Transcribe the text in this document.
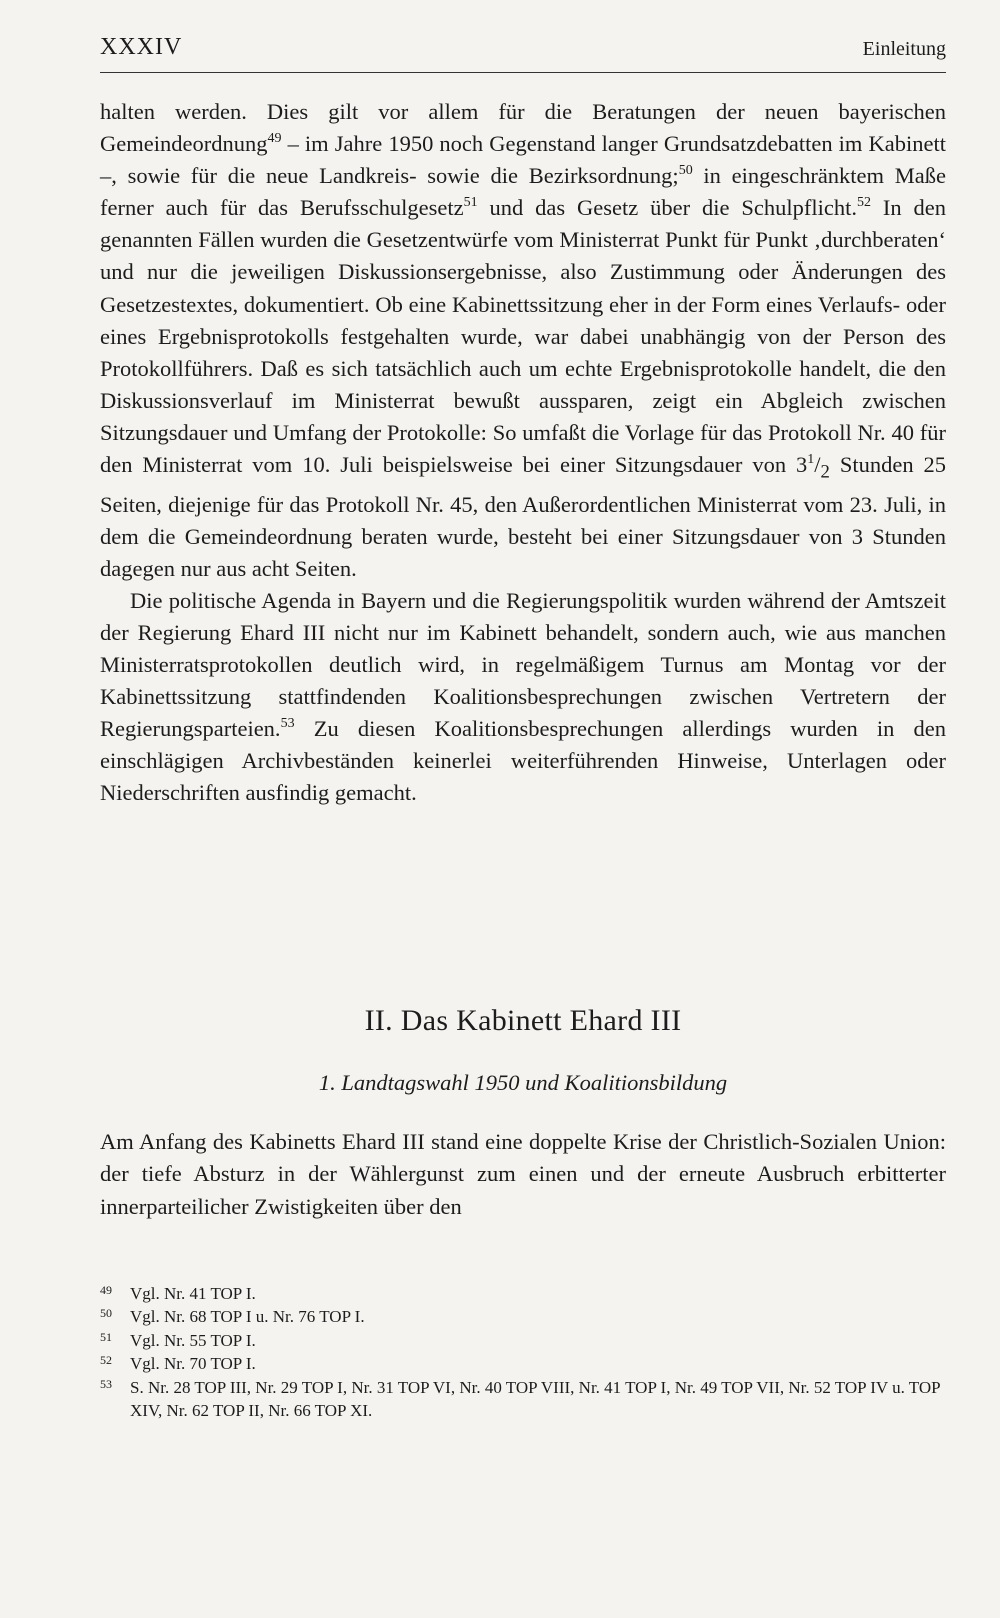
XXXIV	Einleitung

halten werden. Dies gilt vor allem für die Beratungen der neuen bayerischen Gemeindeordnung$^{49}$ – im Jahre 1950 noch Gegenstand langer Grundsatzdebatten im Kabinett –, sowie für die neue Landkreis- sowie die Bezirksordnung;$^{50}$ in eingeschränktem Maße ferner auch für das Berufsschulgesetz$^{51}$ und das Gesetz über die Schulpflicht.$^{52}$ In den genannten Fällen wurden die Gesetzentwürfe vom Ministerrat Punkt für Punkt ‚durchberaten‘ und nur die jeweiligen Diskussionsergebnisse, also Zustimmung oder Änderungen des Gesetzestextes, dokumentiert. Ob eine Kabinettssitzung eher in der Form eines Verlaufs- oder eines Ergebnisprotokolls festgehalten wurde, war dabei unabhängig von der Person des Protokollführers. Daß es sich tatsächlich auch um echte Ergebnisprotokolle handelt, die den Diskussionsverlauf im Ministerrat bewußt aussparen, zeigt ein Abgleich zwischen Sitzungsdauer und Umfang der Protokolle: So umfaßt die Vorlage für das Protokoll Nr. 40 für den Ministerrat vom 10. Juli beispielsweise bei einer Sitzungsdauer von $3^1/_2$ Stunden 25 Seiten, diejenige für das Protokoll Nr. 45, den Außerordentlichen Ministerrat vom 23. Juli, in dem die Gemeindeordnung beraten wurde, besteht bei einer Sitzungsdauer von 3 Stunden dagegen nur aus acht Seiten.

Die politische Agenda in Bayern und die Regierungspolitik wurden während der Amtszeit der Regierung Ehard III nicht nur im Kabinett behandelt, sondern auch, wie aus manchen Ministerratsprotokollen deutlich wird, in regelmäßigem Turnus am Montag vor der Kabinettssitzung stattfindenden Koalitionsbesprechungen zwischen Vertretern der Regierungsparteien.$^{53}$ Zu diesen Koalitionsbesprechungen allerdings wurden in den einschlägigen Archivbeständen keinerlei weiterführenden Hinweise, Unterlagen oder Niederschriften ausfindig gemacht.

II. Das Kabinett Ehard III
1. Landtagswahl 1950 und Koalitionsbildung

Am Anfang des Kabinetts Ehard III stand eine doppelte Krise der Christlich-Sozialen Union: der tiefe Absturz in der Wählergunst zum einen und der erneute Ausbruch erbitterter innerparteilicher Zwistigkeiten über den

49	Vgl. Nr. 41 TOP I.
50	Vgl. Nr. 68 TOP I u. Nr. 76 TOP I.
51	Vgl. Nr. 55 TOP I.
52	Vgl. Nr. 70 TOP I.
53	S. Nr. 28 TOP III, Nr. 29 TOP I, Nr. 31 TOP VI, Nr. 40 TOP VIII, Nr. 41 TOP I, Nr. 49 TOP VII, Nr. 52 TOP IV u. TOP XIV, Nr. 62 TOP II, Nr. 66 TOP XI.
